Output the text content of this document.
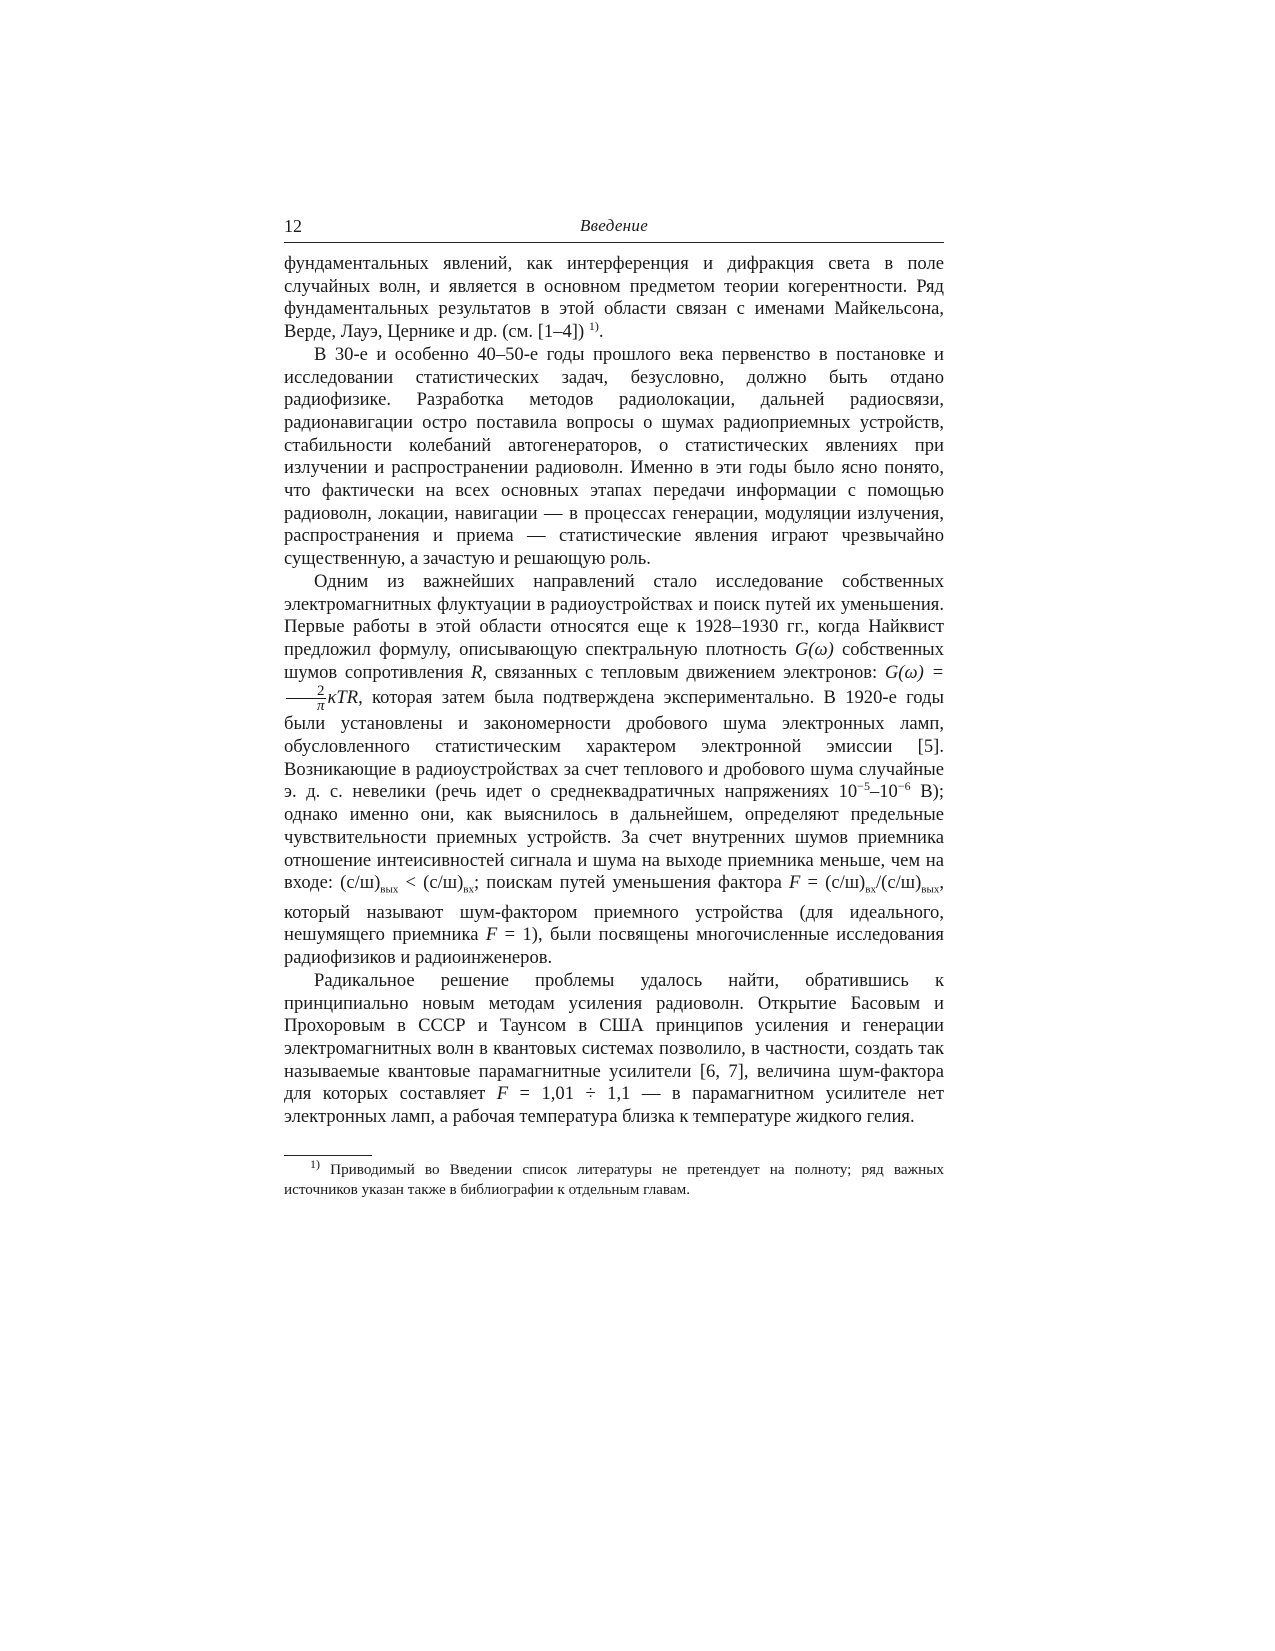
12	Введение

фундаментальных явлений, как интерференция и дифракция света в поле случайных волн, и является в основном предметом теории когерентности. Ряд фундаментальных результатов в этой области связан с именами Майкельсона, Верде, Лауэ, Цернике и др. (см. [1–4]) $^{1)}$.

В 30-е и особенно 40–50-е годы прошлого века первенство в постановке и исследовании статистических задач, безусловно, должно быть отдано радиофизике. Разработка методов радиолокации, дальней радиосвязи, радионавигации остро поставила вопросы о шумах радиоприемных устройств, стабильности колебаний автогенераторов, о статистических явлениях при излучении и распространении радиоволн. Именно в эти годы было ясно понято, что фактически на всех основных этапах передачи информации с помощью радиоволн, локации, навигации — в процессах генерации, модуляции излучения, распространения и приема — статистические явления играют чрезвычайно существенную, а зачастую и решающую роль.

Одним из важнейших направлений стало исследование собственных электромагнитных флуктуации в радиоустройствах и поиск путей их уменьшения. Первые работы в этой области относятся еще к 1928–1930 гг., когда Найквист предложил формулу, описывающую спектральную плотность G(ω) собственных шумов сопротивления R, связанных с тепловым движением электронов: G(ω) =
$\frac{2}{\pi} \kappa TR$, которая затем была подтверждена экспериментально. В 1920-е годы были установлены и закономерности дробового шума электронных ламп, обусловленного статистическим характером электронной эмиссии [5]. Возникающие в радиоустройствах за счет теплового и дробового шума случайные э. д. с. невелики (речь идет о среднеквадратичных напряжениях $10^{-5}-10^{-6}$ В); однако именно они, как выяснилось в дальнейшем, определяют предельные чувствительности приемных устройств. За счет внутренних шумов приемника отношение интеисивностей сигнала и шума на выходе приемника меньше, чем на входе: $(с/ш)_{вых} < (с/ш)_{вх}$; поискам путей уменьшения фактора $F = (с/ш)_{вх}/(с/ш)_{вых}$, который называют шум-фактором приемного устройства (для идеального, нешумящего приемника F = 1), были посвящены многочисленные исследования радиофизиков и радиоинженеров.

Радикальное решение проблемы удалось найти, обратившись к принципиально новым методам усиления радиоволн. Открытие Басовым и Прохоровым в СССР и Таунсом в США принципов усиления и генерации электромагнитных волн в квантовых системах позволило, в частности, создать так называемые квантовые парамагнитные усилители [6, 7], величина шум-фактора для которых составляет F = 1,01 ÷ 1,1 — в парамагнитном усилителе нет электронных ламп, а рабочая температура близка к температуре жидкого гелия.

$^{1)}$ Приводимый во Введении список литературы не претендует на полноту; ряд важных источников указан также в библиографии к отдельным главам.
